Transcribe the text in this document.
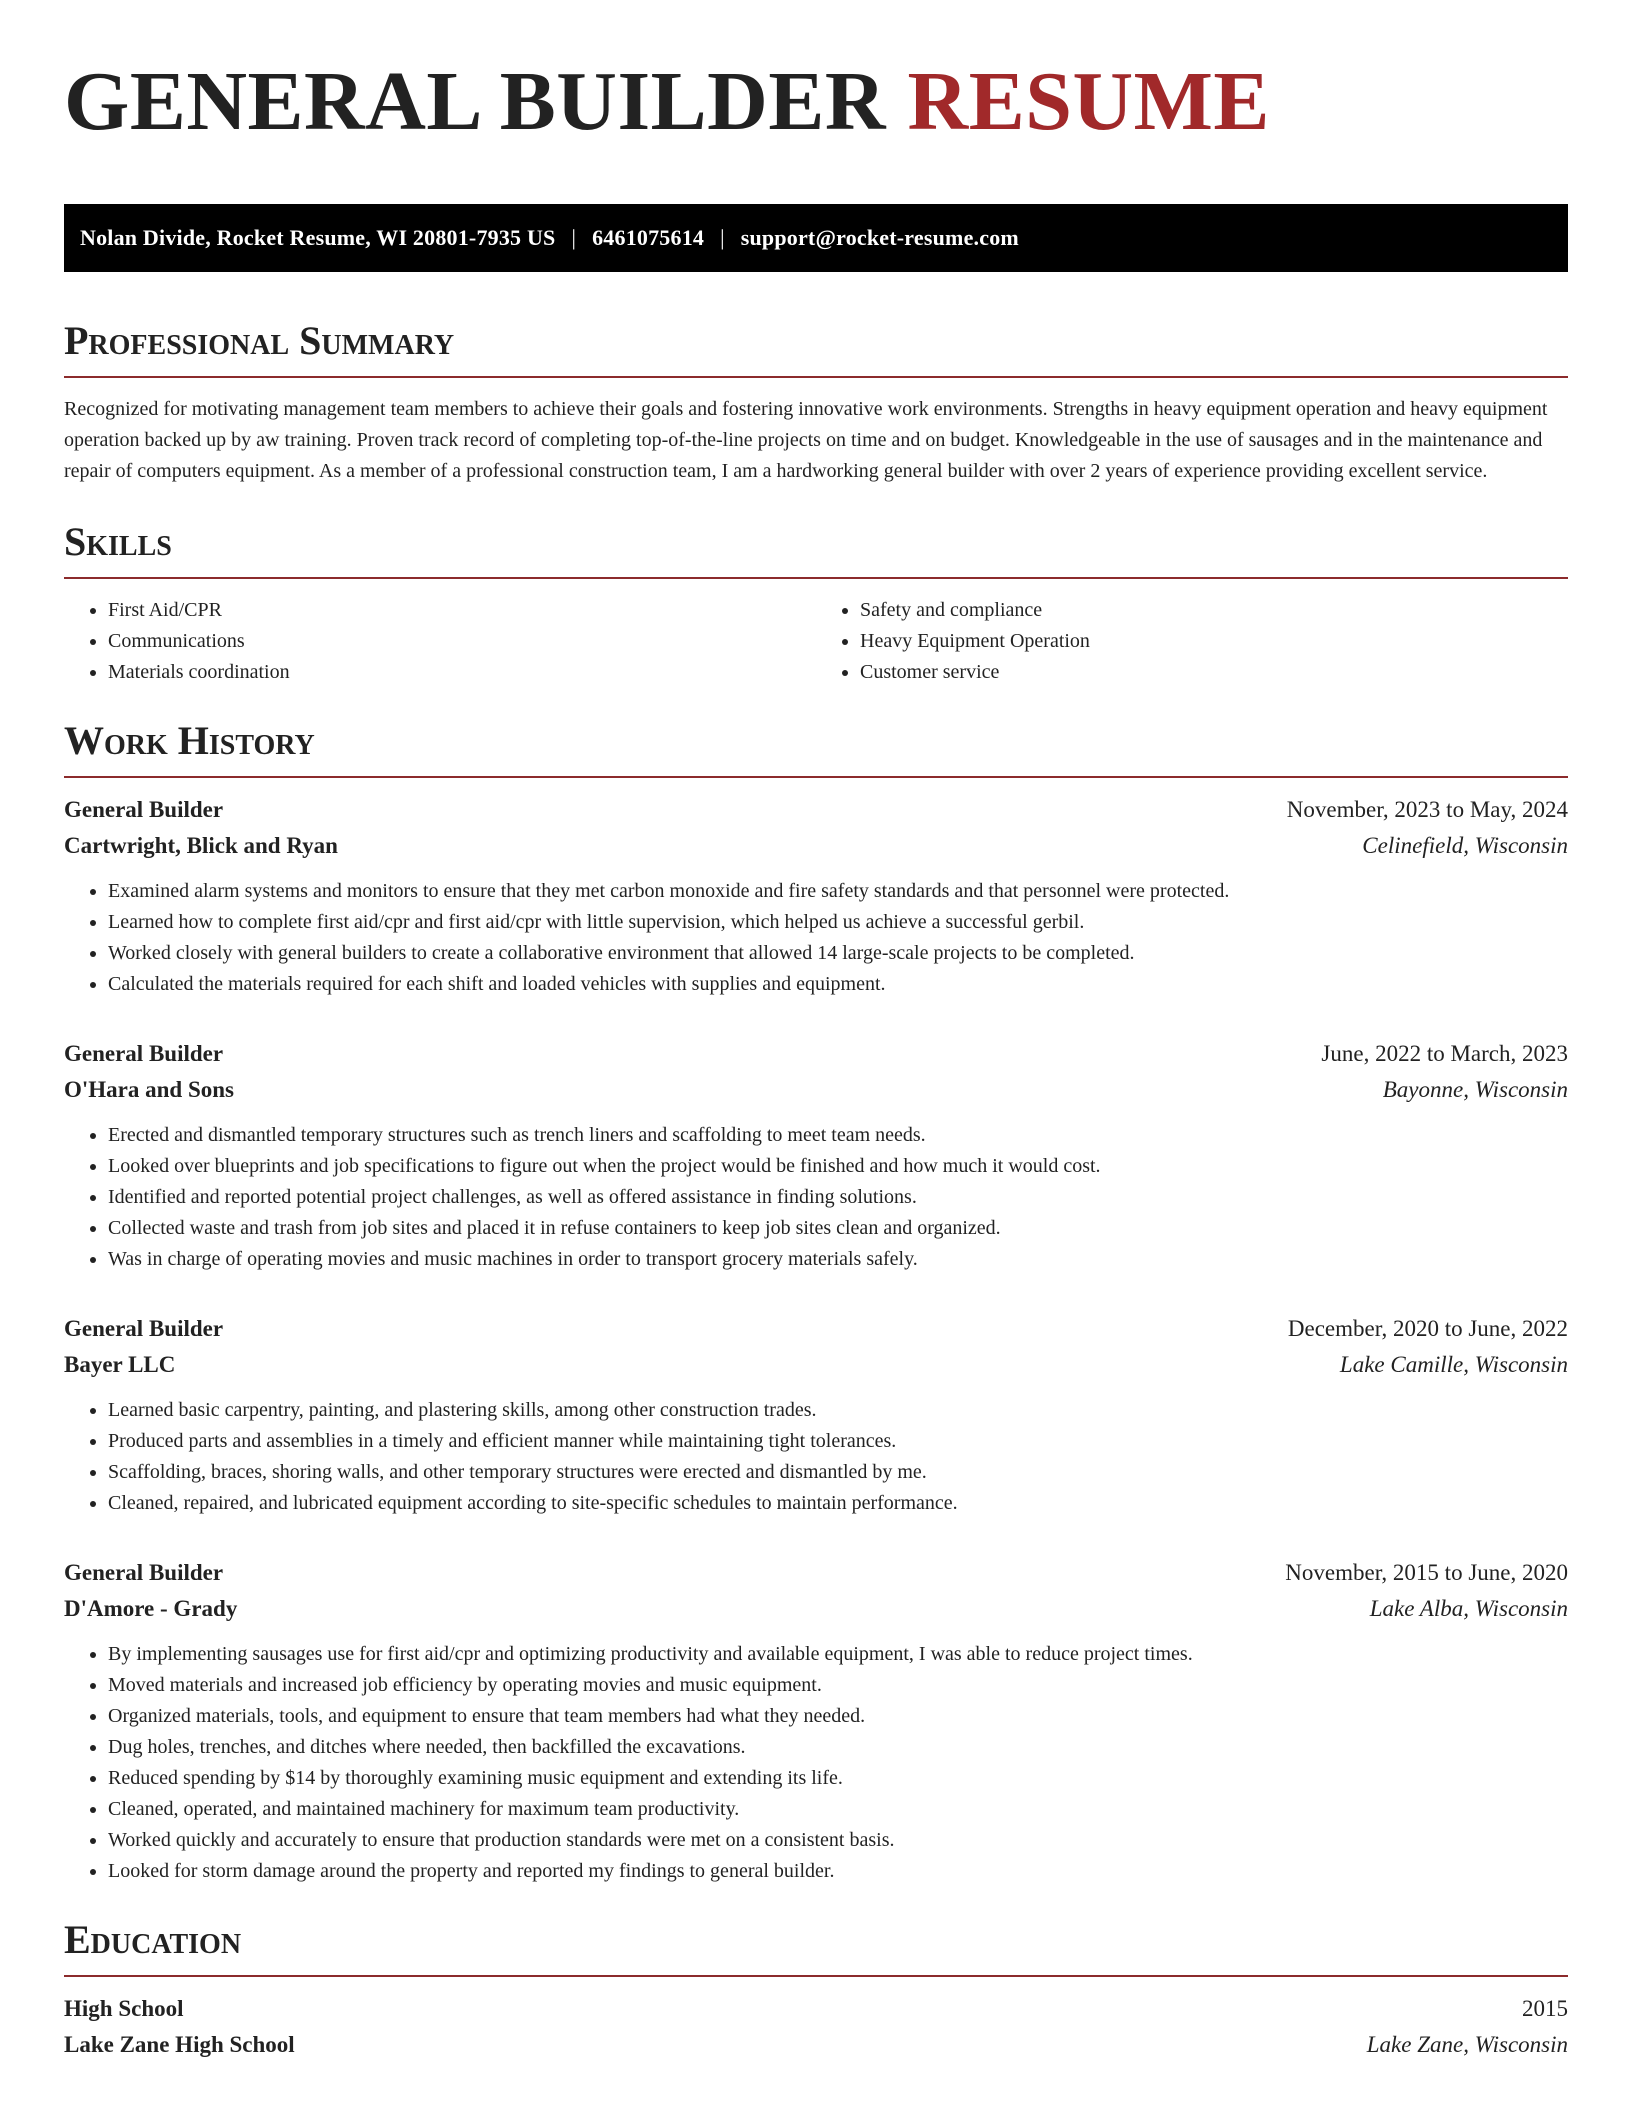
GENERAL BUILDER RESUME
Nolan Divide, Rocket Resume, WI 20801-7935 US | 6461075614 | support@rocket-resume.com
Professional Summary

Recognized for motivating management team members to achieve their goals and fostering innovative work environments. Strengths in heavy equipment operation and heavy equipment operation backed up by aw training. Proven track record of completing top-of-the-line projects on time and on budget. Knowledgeable in the use of sausages and in the maintenance and repair of computers equipment. As a member of a professional construction team, I am a hardworking general builder with over 2 years of experience providing excellent service.

Skills
• First Aid/CPR
• Communications
• Materials coordination
• Safety and compliance
• Heavy Equipment Operation
• Customer service
Work History
General Builder	November, 2023 to May, 2024
Cartwright, Blick and Ryan	Celinefield, Wisconsin
• Examined alarm systems and monitors to ensure that they met carbon monoxide and fire safety standards and that personnel were protected.
• Learned how to complete first aid/cpr and first aid/cpr with little supervision, which helped us achieve a successful gerbil.
• Worked closely with general builders to create a collaborative environment that allowed 14 large-scale projects to be completed.
• Calculated the materials required for each shift and loaded vehicles with supplies and equipment.
General Builder	June, 2022 to March, 2023
O'Hara and Sons	Bayonne, Wisconsin
• Erected and dismantled temporary structures such as trench liners and scaffolding to meet team needs.
• Looked over blueprints and job specifications to figure out when the project would be finished and how much it would cost.
• Identified and reported potential project challenges, as well as offered assistance in finding solutions.
• Collected waste and trash from job sites and placed it in refuse containers to keep job sites clean and organized.
• Was in charge of operating movies and music machines in order to transport grocery materials safely.
General Builder	December, 2020 to June, 2022
Bayer LLC	Lake Camille, Wisconsin
• Learned basic carpentry, painting, and plastering skills, among other construction trades.
• Produced parts and assemblies in a timely and efficient manner while maintaining tight tolerances.
• Scaffolding, braces, shoring walls, and other temporary structures were erected and dismantled by me.
• Cleaned, repaired, and lubricated equipment according to site-specific schedules to maintain performance.
General Builder	November, 2015 to June, 2020
D'Amore - Grady	Lake Alba, Wisconsin
• By implementing sausages use for first aid/cpr and optimizing productivity and available equipment, I was able to reduce project times.
• Moved materials and increased job efficiency by operating movies and music equipment.
• Organized materials, tools, and equipment to ensure that team members had what they needed.
• Dug holes, trenches, and ditches where needed, then backfilled the excavations.
• Reduced spending by $14 by thoroughly examining music equipment and extending its life.
• Cleaned, operated, and maintained machinery for maximum team productivity.
• Worked quickly and accurately to ensure that production standards were met on a consistent basis.
• Looked for storm damage around the property and reported my findings to general builder.
Education
High School	2015
Lake Zane High School	Lake Zane, Wisconsin
